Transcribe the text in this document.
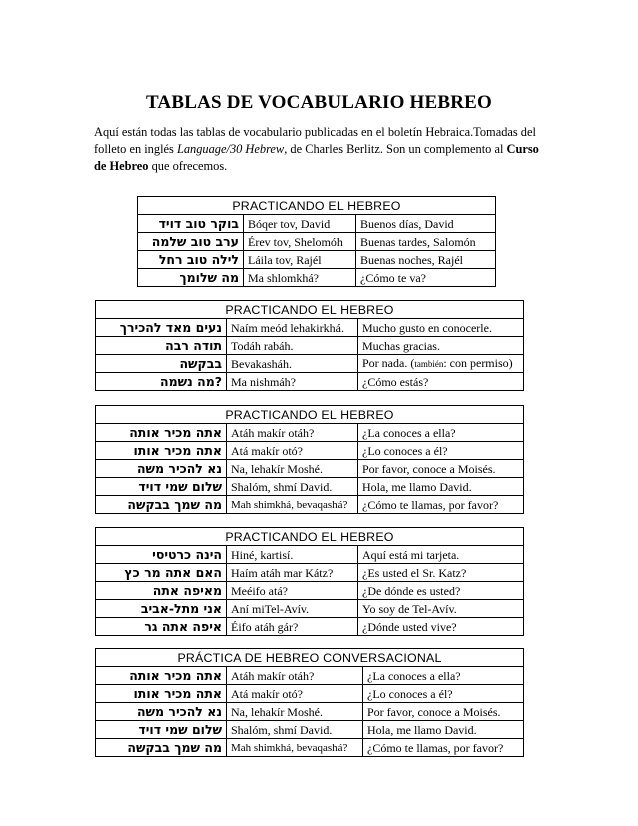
TABLAS DE VOCABULARIO HEBREO
Aquí están todas las tablas de vocabulario publicadas en el boletín Hebraica.Tomadas del folleto en inglés Language/30 Hebrew, de Charles Berlitz. Son un complemento al Curso de Hebreo que ofrecemos.
PRACTICANDO EL HEBREO		
בוקר טוב דויד	Bóqer tov, David	Buenos días, David
ערב טוב שלמה	Érev tov, Shelomóh	Buenas tardes, Salomón
לילה טוב רחל	Láila tov, Rajél	Buenas noches, Rajél
מה שלומך	Ma shlomkhá?	¿Cómo te va?
PRACTICANDO EL HEBREO		
נעים מאד להכירך	Naím meód lehakirkhá.	Mucho gusto en conocerle.
תודה רבה	Todáh rabáh.	Muchas gracias.
בבקשה	Bevakasháh.	Por nada. (también: con permiso)
?מה נשמה	Ma nishmáh?	¿Cómo estás?
PRACTICANDO EL HEBREO		
אתה מכיר אותה	Atáh makír otáh?	¿La conoces a ella?
אתה מכיר אותו	Atá makír otó?	¿Lo conoces a él?
נא להכיר משה	Na, lehakír Moshé.	Por favor, conoce a Moisés.
שלום שמי דויד	Shalóm, shmí David.	Hola, me llamo David.
מה שמך בבקשה	Mah shimkhá, bevaqashá?	¿Cómo te llamas, por favor?
PRACTICANDO EL HEBREO		
הינה כרטיסי	Hiné, kartisí.	Aquí está mi tarjeta.
האם אתה מר כץ	Haím atáh mar Kátz?	¿Es usted el Sr. Katz?
מאיפה אתה	Meéifo atá?	¿De dónde es usted?
אני מתל-אביב	Aní miTel-Avív.	Yo soy de Tel-Avív.
איפה אתה גר	Éifo atáh gár?	¿Dónde usted vive?
PRÁCTICA DE HEBREO CONVERSACIONAL		
אתה מכיר אותה	Atáh makír otáh?	¿La conoces a ella?
אתה מכיר אותו	Atá makír otó?	¿Lo conoces a él?
נא להכיר משה	Na, lehakír Moshé.	Por favor, conoce a Moisés.
שלום שמי דויד	Shalóm, shmí David.	Hola, me llamo David.
מה שמך בבקשה	Mah shimkhá, bevaqashá?	¿Cómo te llamas, por favor?
